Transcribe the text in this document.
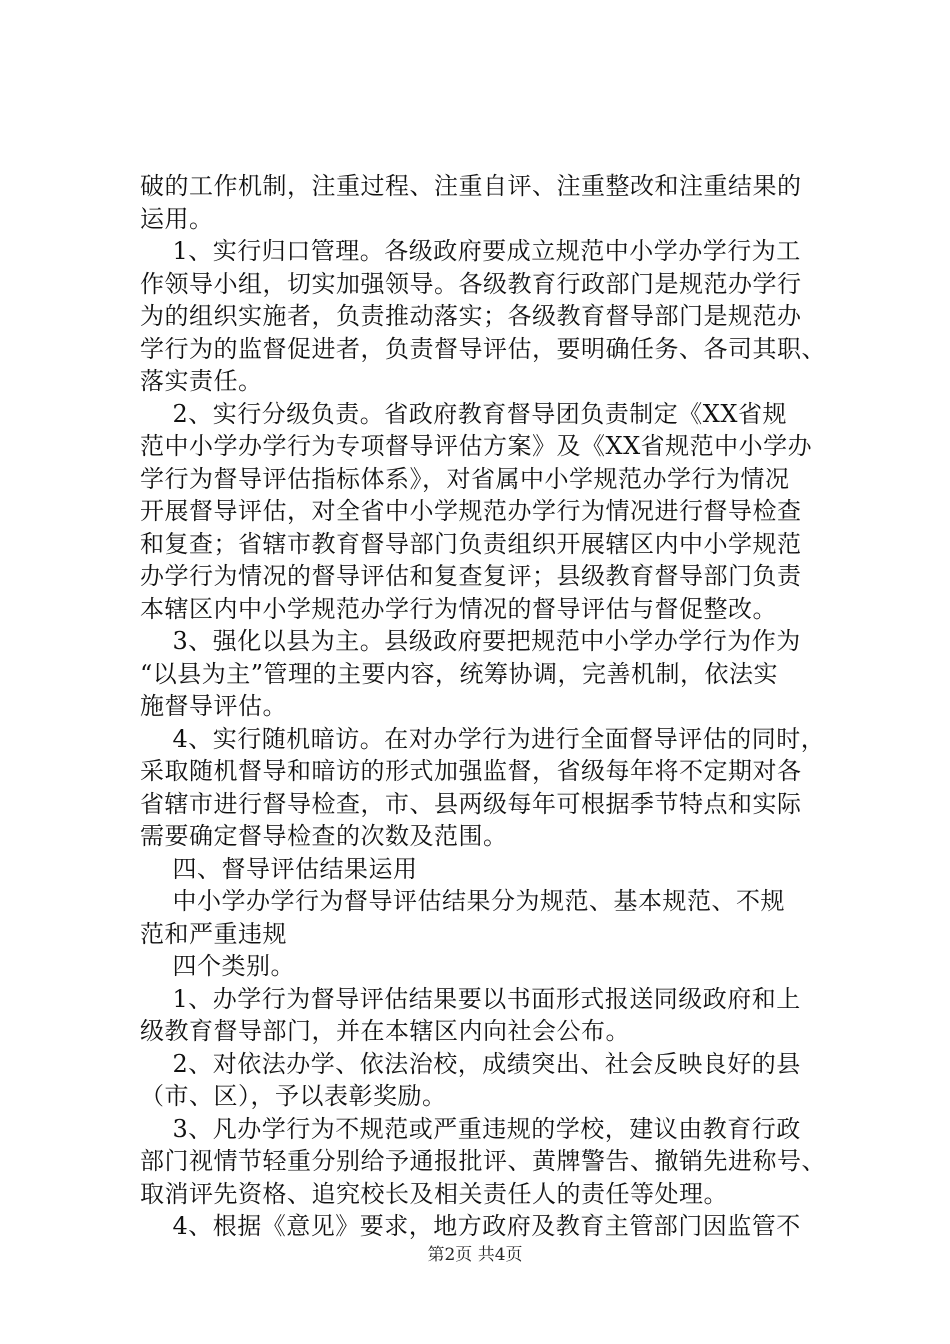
破的工作机制，注重过程、注重自评、注重整改和注重结果的
运用。
1、实行归口管理。各级政府要成立规范中小学办学行为工
作领导小组，切实加强领导。各级教育行政部门是规范办学行
为的组织实施者，负责推动落实；各级教育督导部门是规范办
学行为的监督促进者，负责督导评估，要明确任务、各司其职、
落实责任。
2、实行分级负责。省政府教育督导团负责制定《XX省规
范中小学办学行为专项督导评估方案》及《XX省规范中小学办
学行为督导评估指标体系》，对省属中小学规范办学行为情况
开展督导评估，对全省中小学规范办学行为情况进行督导检查
和复查；省辖市教育督导部门负责组织开展辖区内中小学规范
办学行为情况的督导评估和复查复评；县级教育督导部门负责
本辖区内中小学规范办学行为情况的督导评估与督促整改。
3、强化以县为主。县级政府要把规范中小学办学行为作为
“以县为主”管理的主要内容，统筹协调，完善机制，依法实
施督导评估。
4、实行随机暗访。在对办学行为进行全面督导评估的同时，
采取随机督导和暗访的形式加强监督，省级每年将不定期对各
省辖市进行督导检查，市、县两级每年可根据季节特点和实际
需要确定督导检查的次数及范围。
四、督导评估结果运用
中小学办学行为督导评估结果分为规范、基本规范、不规
范和严重违规
四个类别。
1、办学行为督导评估结果要以书面形式报送同级政府和上
级教育督导部门，并在本辖区内向社会公布。
2、对依法办学、依法治校，成绩突出、社会反映良好的县
（市、区），予以表彰奖励。
3、凡办学行为不规范或严重违规的学校，建议由教育行政
部门视情节轻重分别给予通报批评、黄牌警告、撤销先进称号、
取消评先资格、追究校长及相关责任人的责任等处理。
4、根据《意见》要求，地方政府及教育主管部门因监管不
第2页 共4页
